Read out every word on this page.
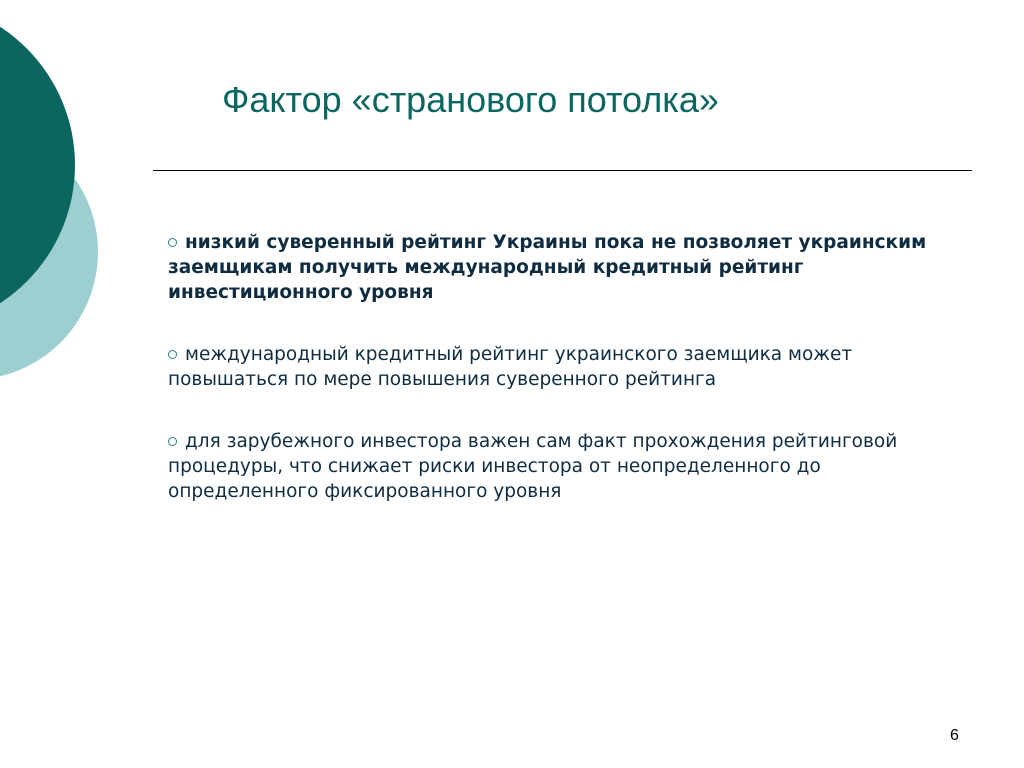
Фактор «странового потолка»
низкий суверенный рейтинг Украины пока не позволяет украинским заемщикам получить международный кредитный рейтинг инвестиционного уровня
международный кредитный рейтинг украинского заемщика может повышаться по мере повышения суверенного рейтинга
для зарубежного инвестора важен сам факт прохождения рейтинговой процедуры, что снижает риски инвестора от неопределенного до определенного фиксированного уровня
6
